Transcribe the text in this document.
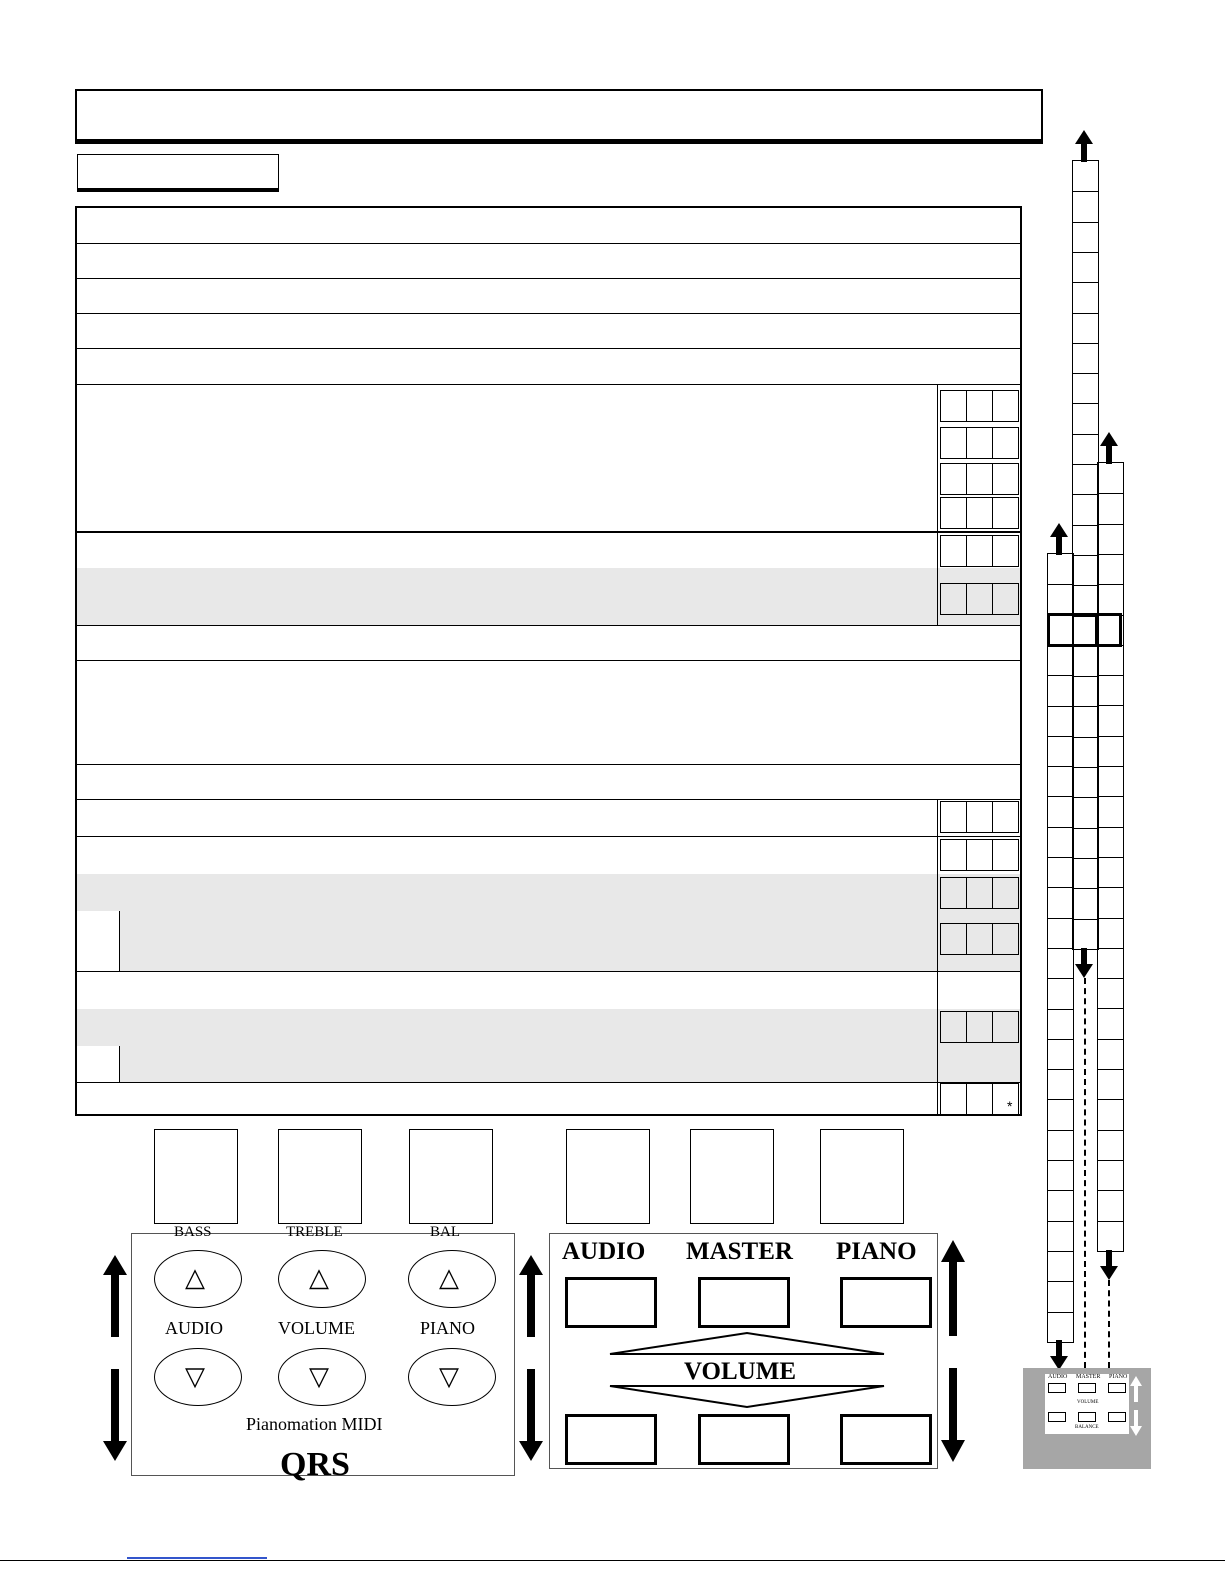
*
BASS	TREBLE	BAL
△	△	△
AUDIO	VOLUME	PIANO
▽	▽	▽
Pianomation MIDI
QRS
AUDIO MASTER PIANO
VOLUME	AUDIO MASTER PIANO
VOLUME
BALANCE
